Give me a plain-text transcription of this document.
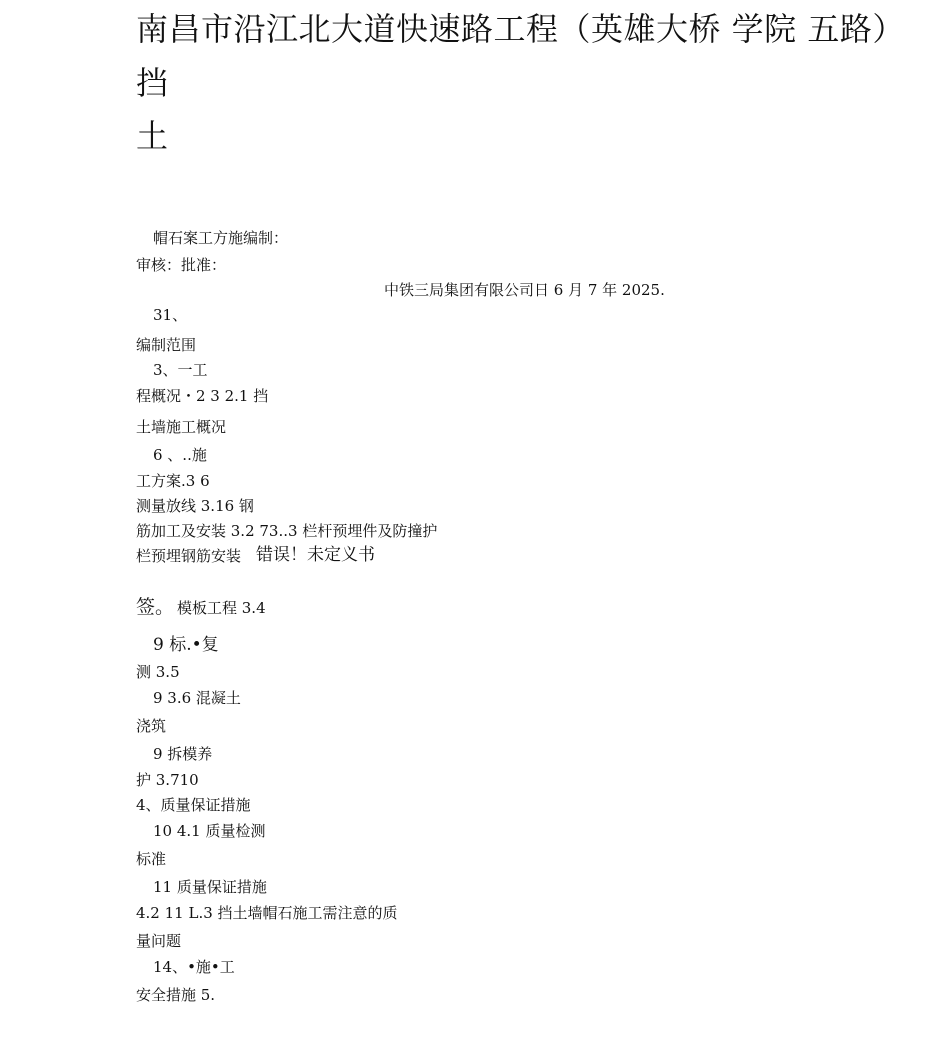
南昌市沿江北大道快速路工程（英雄大桥 学院 五路）
挡
土
帽石案工方施编制：
审核：批准：
中铁三局集团有限公司日 6 月 7 年 2025.
31、
编制范围
3、一工
程概况・2 3 2.1 挡
土墙施工概况
6 、..施
工方案.3 6
测量放线 3.16 钢
筋加工及安装 3.2 73..3 栏杆预埋件及防撞护
栏预埋钢筋安装 错误！未定义书
签。 模板工程 3.4
9 标.•复
测 3.5
9 3.6 混凝土
浇筑
9 拆模养
护 3.710
4、质量保证措施
10 4.1 质量检测
标准
11 质量保证措施
4.2 11 L.3 挡土墙帽石施工需注意的质
量问题
14、•施•工
安全措施 5.
